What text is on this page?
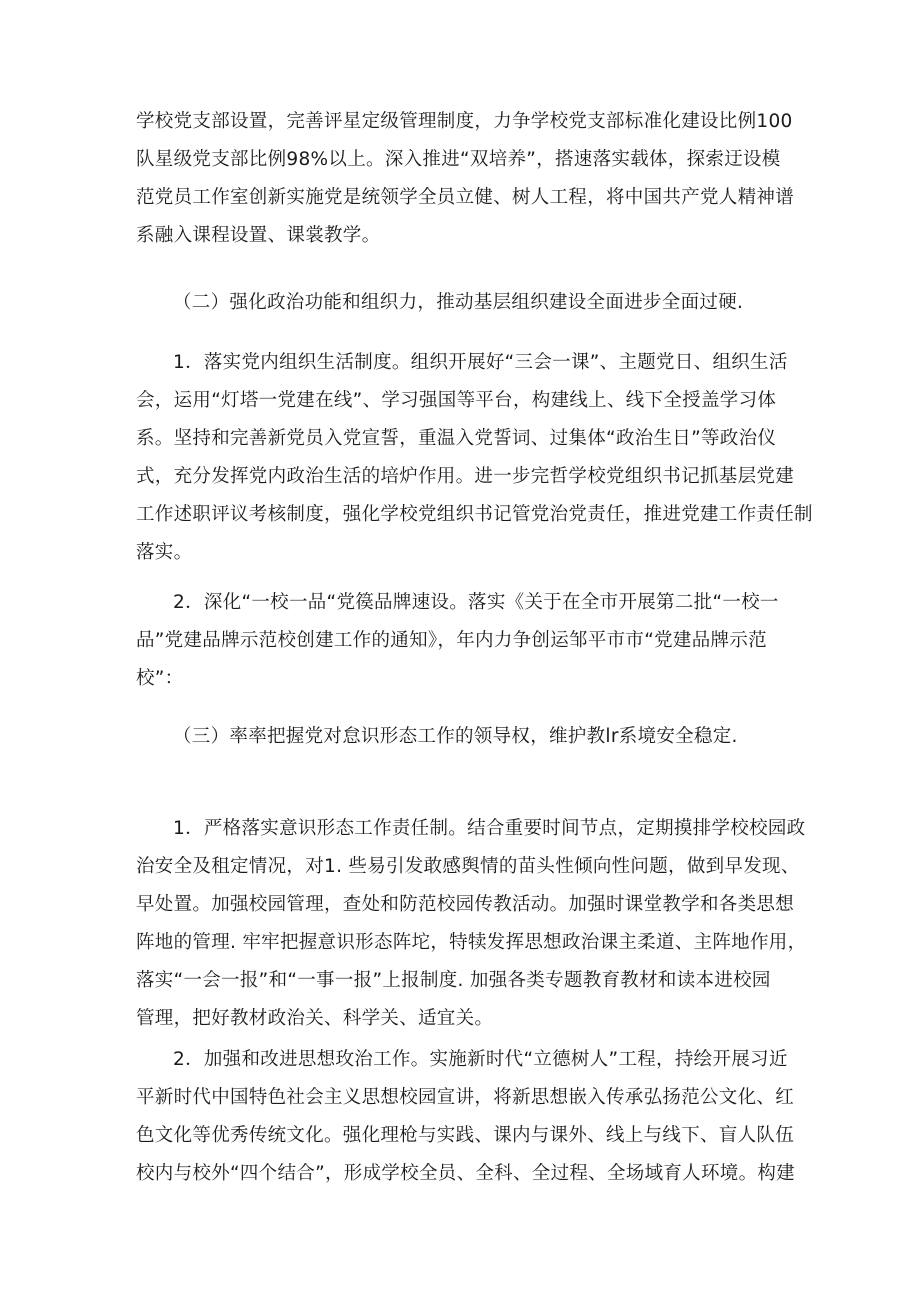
学校党支部设置，完善评星定级管理制度，力争学校党支部标准化建设比例100
队星级党支部比例98%以上。深入推进“双培养”，搭速落实载体，探索迂设模
范党员工作室创新实施党是统领学全员立健、树人工程，将中国共产党人精神谱
系融入课程设置、课裳教学。

（二）强化政治功能和组织力，推动基层组织建设全面进步全面过硬.

1．落实党内组织生活制度。组织开展好“三会一课”、主题党日、组织生活
会，运用“灯塔一党建在线”、学习强国等平台，构建线上、线下全授盖学习体
系。坚持和完善新党员入党宣誓，重温入党誓词、过集体“政治生日”等政治仪
式，充分发挥党内政治生活的培炉作用。进一步完哲学校党组织书记抓基层党建
工作述职评议考核制度，强化学校党组织书记管党治党责任，推进党建工作责任制
落实。

2．深化“一校一品“党篌品牌速设。落实《关于在全市开展第二批“一校一
品”党建品牌示范校创建工作的通知》，年内力争创运邹平市市“党建品牌示范
校”：

（三）率率把握党对怠识形态工作的领导权，维护教lr系境安全稳定.

1．严格落实意识形态工作责任制。结合重要时间节点，定期摸排学校校园政
治安全及租定情况，对1. 些易引发敢感舆情的苗头性倾向性问题，做到早发现、
早处置。加强校园管理，查处和防范校园传教活动。加强时课堂教学和各类思想
阵地的管理. 牢牢把握意识形态阵坨，特犊发挥思想政治课主柔道、主阵地作用，
落实“一会一报”和“一事一报”上报制度. 加强各类专题教育教材和读本进校园
管理，把好教材政治关、科学关、适宜关。

2．加强和改进思想玫治工作。实施新时代“立德树人”工程，持绘开展习近
平新时代中国特色社会主义思想校园宣讲，将新思想嵌入传承弘扬范公文化、红
色文化等优秀传统文化。强化理枪与实践、课内与课外、线上与线下、盲人队伍
校内与校外“四个结合”，形成学校全员、全科、全过程、全场域育人环境。构建
